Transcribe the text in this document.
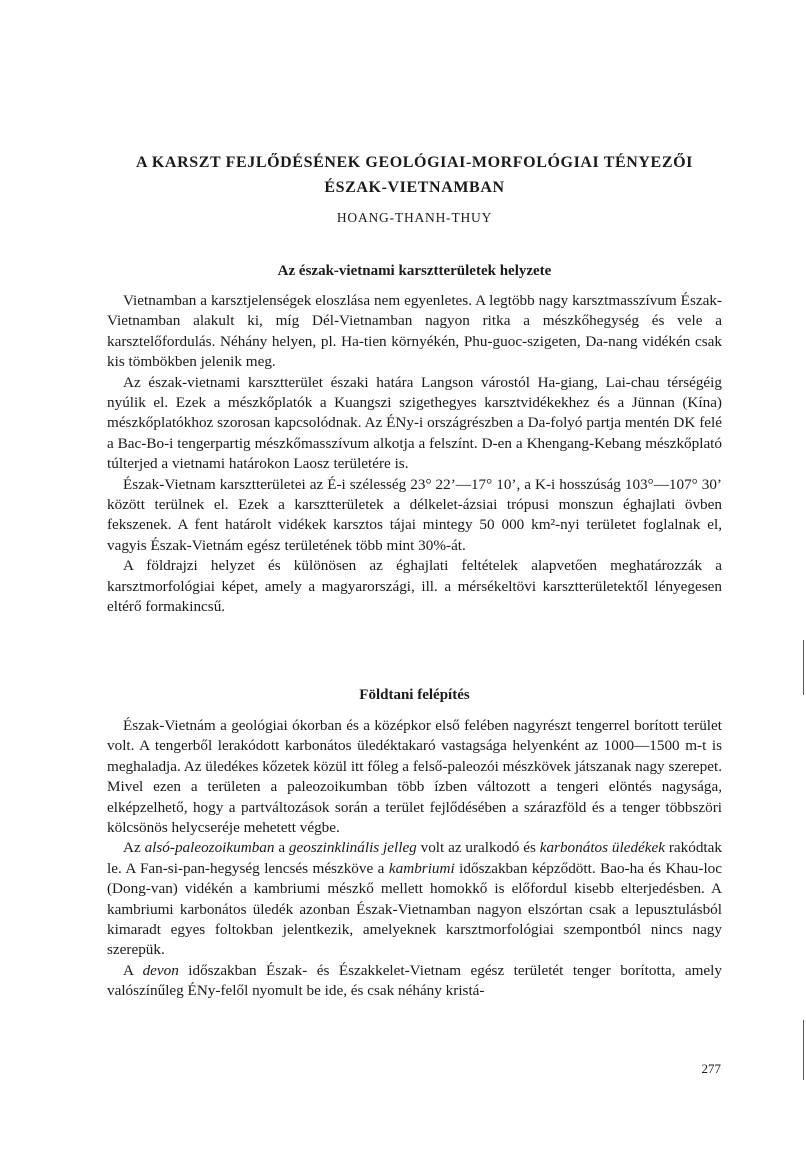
A KARSZT FEJLŐDÉSÉNEK GEOLÓGIAI-MORFOLÓGIAI TÉNYEZŐI
ÉSZAK-VIETNAMBAN

HOANG-THANH-THUY

Az észak-vietnami karsztterületek helyzete

Vietnamban a karsztjelenségek eloszlása nem egyenletes. A legtöbb nagy karsztmasszívum Észak-Vietnamban alakult ki, míg Dél-Vietnamban nagyon ritka a mészkőhegység és vele a karsztelőfordulás. Néhány helyen, pl. Ha-tien környékén, Phu-guoc-szigeten, Da-nang vidékén csak kis tömbökben jelenik meg.

Az észak-vietnami karsztterület északi határa Langson várostól Ha-giang, Lai-chau térségéig nyúlik el. Ezek a mészkőplatók a Kuangszi szigethegyes karsztvidékekhez és a Jünnan (Kína) mészkőplatókhoz szorosan kapcsolódnak. Az ÉNy-i országrészben a Da-folyó partja mentén DK felé a Bac-Bo-i tengerpartig mészkőmasszívum alkotja a felszínt. D-en a Khengang-Kebang mészkőplató túlterjed a vietnami határokon Laosz területére is.

Észak-Vietnam karsztterületei az É-i szélesség 23° 22’—17° 10’, a K-i hosszúság 103°—107° 30’ között terülnek el. Ezek a karsztterületek a délkelet-ázsiai trópusi monszun éghajlati övben fekszenek. A fent határolt vidékek karsztos tájai mintegy 50 000 km²-nyi területet foglalnak el, vagyis Észak-Vietnám egész területének több mint 30%-át.

A földrajzi helyzet és különösen az éghajlati feltételek alapvetően meghatározzák a karsztmorfológiai képet, amely a magyarországi, ill. a mérsékeltövi karsztterületektől lényegesen eltérő formakincsű.

Földtani felépítés

Észak-Vietnám a geológiai ókorban és a középkor első felében nagyrészt tengerrel borított terület volt. A tengerből lerakódott karbonátos üledéktakaró vastagsága helyenként az 1000—1500 m-t is meghaladja. Az üledékes kőzetek közül itt főleg a felső-paleozói mészkövek játszanak nagy szerepet. Mivel ezen a területen a paleozoikumban több ízben változott a tengeri elöntés nagysága, elképzelhető, hogy a partváltozások során a terület fejlődésében a szárazföld és a tenger többszöri kölcsönös helycseréje mehetett végbe.

Az alsó-paleozoikumban a geoszinklinális jelleg volt az uralkodó és karbonátos üledékek rakódtak le. A Fan-si-pan-hegység lencsés mészköve a kambriumi időszakban képződött. Bao-ha és Khau-loc (Dong-van) vidékén a kambriumi mészkő mellett homokkő is előfordul kisebb elterjedésben. A kambriumi karbonátos üledék azonban Észak-Vietnamban nagyon elszórtan csak a lepusztulásból kimaradt egyes foltokban jelentkezik, amelyeknek karsztmorfológiai szempontból nincs nagy szerepük.

A devon időszakban Észak- és Északkelet-Vietnam egész területét tenger borította, amely valószínűleg ÉNy-felől nyomult be ide, és csak néhány kristá-

277
